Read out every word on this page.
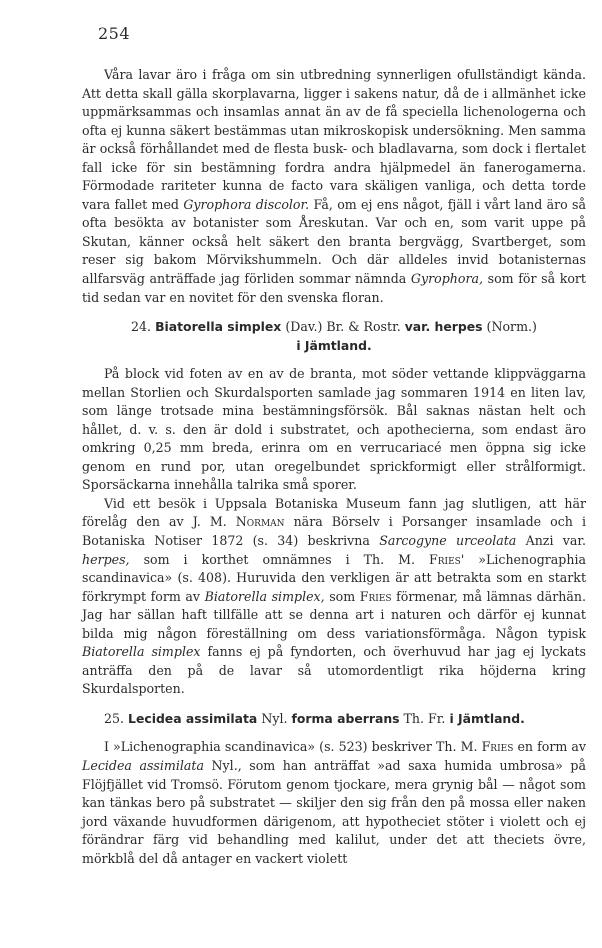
254

Våra lavar äro i fråga om sin utbredning synnerligen ofullständigt kända. Att detta skall gälla skorplavarna, ligger i sakens natur, då de i allmänhet icke uppmärksammas och insamlas annat än av de få speciella lichenologerna och ofta ej kunna säkert bestämmas utan mikroskopisk undersökning. Men samma är också förhållandet med de flesta busk- och bladlavarna, som dock i flertalet fall icke för sin bestämning fordra andra hjälpmedel än fanerogamerna. Förmodade rariteter kunna de facto vara skäligen vanliga, och detta torde vara fallet med Gyrophora discolor. Få, om ej ens något, fjäll i vårt land äro så ofta besökta av botanister som Åreskutan. Var och en, som varit uppe på Skutan, känner också helt säkert den branta bergvägg, Svartberget, som reser sig bakom Mörvikshummeln. Och där alldeles invid botanisternas allfarsväg anträffade jag förliden sommar nämnda Gyrophora, som för så kort tid sedan var en novitet för den svenska floran.

24. Biatorella simplex (Dav.) Br. & Rostr. var. herpes (Norm.)
i Jämtland.

På block vid foten av en av de branta, mot söder vettande klippväggarna mellan Storlien och Skurdalsporten samlade jag sommaren 1914 en liten lav, som länge trotsade mina bestämningsförsök. Bål saknas nästan helt och hållet, d. v. s. den är dold i substratet, och apothecierna, som endast äro omkring 0,25 mm breda, erinra om en verrucariacé men öppna sig icke genom en rund por, utan oregelbundet sprickformigt eller strålformigt. Sporsäckarna innehålla talrika små sporer.

Vid ett besök i Uppsala Botaniska Museum fann jag slutligen, att här förelåg den av J. M. Norman nära Börselv i Porsanger insamlade och i Botaniska Notiser 1872 (s. 34) beskrivna Sarcogyne urceolata Anzi var. herpes, som i korthet omnämnes i Th. M. Fries' »Lichenographia scandinavica» (s. 408). Huruvida den verkligen är att betrakta som en starkt förkrympt form av Biatorella simplex, som Fries förmenar, må lämnas därhän. Jag har sällan haft tillfälle att se denna art i naturen och därför ej kunnat bilda mig någon föreställning om dess variationsförmåga. Någon typisk Biatorella simplex fanns ej på fyndorten, och överhuvud har jag ej lyckats anträffa den på de lavar så utomordentligt rika höjderna kring Skurdalsporten.

25. Lecidea assimilata Nyl. forma aberrans Th. Fr. i Jämtland.

I »Lichenographia scandinavica» (s. 523) beskriver Th. M. Fries en form av Lecidea assimilata Nyl., som han anträffat »ad saxa humida umbrosa» på Flöjfjället vid Tromsö. Förutom genom tjockare, mera grynig bål — något som kan tänkas bero på substratet — skiljer den sig från den på mossa eller naken jord växande huvudformen därigenom, att hypotheciet stöter i violett och ej förändrar färg vid behandling med kalilut, under det att theciets övre, mörkblå del då antager en vackert violett
